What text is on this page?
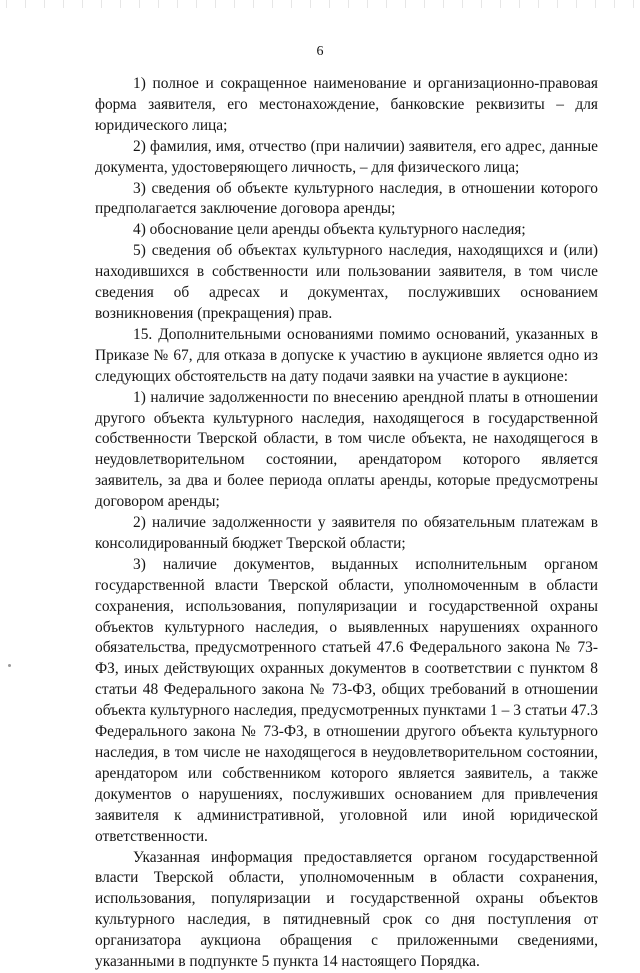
6

1) полное и сокращенное наименование и организационно-правовая форма заявителя, его местонахождение, банковские реквизиты – для юридического лица;

2) фамилия, имя, отчество (при наличии) заявителя, его адрес, данные документа, удостоверяющего личность, – для физического лица;

3) сведения об объекте культурного наследия, в отношении которого предполагается заключение договора аренды;

4) обоснование цели аренды объекта культурного наследия;

5) сведения об объектах культурного наследия, находящихся и (или) находившихся в собственности или пользовании заявителя, в том числе сведения об адресах и документах, послуживших основанием возникновения (прекращения) прав.

15. Дополнительными основаниями помимо оснований, указанных в Приказе № 67, для отказа в допуске к участию в аукционе является одно из следующих обстоятельств на дату подачи заявки на участие в аукционе:

1) наличие задолженности по внесению арендной платы в отношении другого объекта культурного наследия, находящегося в государственной собственности Тверской области, в том числе объекта, не находящегося в неудовлетворительном состоянии, арендатором которого является заявитель, за два и более периода оплаты аренды, которые предусмотрены договором аренды;

2) наличие задолженности у заявителя по обязательным платежам в консолидированный бюджет Тверской области;

3) наличие документов, выданных исполнительным органом государственной власти Тверской области, уполномоченным в области сохранения, использования, популяризации и государственной охраны объектов культурного наследия, о выявленных нарушениях охранного обязательства, предусмотренного статьей 47.6 Федерального закона № 73-ФЗ, иных действующих охранных документов в соответствии с пунктом 8 статьи 48 Федерального закона № 73-ФЗ, общих требований в отношении объекта культурного наследия, предусмотренных пунктами 1 – 3 статьи 47.3 Федерального закона № 73-ФЗ, в отношении другого объекта культурного наследия, в том числе не находящегося в неудовлетворительном состоянии, арендатором или собственником которого является заявитель, а также документов о нарушениях, послуживших основанием для привлечения заявителя к административной, уголовной или иной юридической ответственности.

Указанная информация предоставляется органом государственной власти Тверской области, уполномоченным в области сохранения, использования, популяризации и государственной охраны объектов культурного наследия, в пятидневный срок со дня поступления от организатора аукциона обращения с приложенными сведениями, указанными в подпункте 5 пункта 14 настоящего Порядка.
